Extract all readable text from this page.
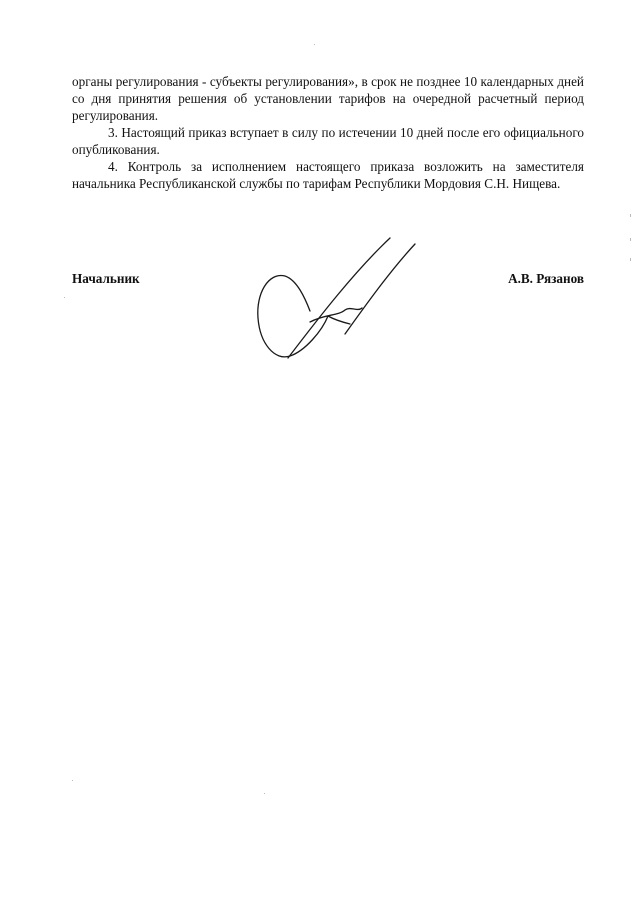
органы регулирования - субъекты регулирования», в срок не позднее 10 календарных дней со дня принятия решения об установлении тарифов на очередной расчетный период регулирования.

3. Настоящий приказ вступает в силу по истечении 10 дней после его официального опубликования.

4. Контроль за исполнением настоящего приказа возложить на заместителя начальника Республиканской службы по тарифам Республики Мордовия С.Н. Нищева.

Начальник	А.В. Рязанов
